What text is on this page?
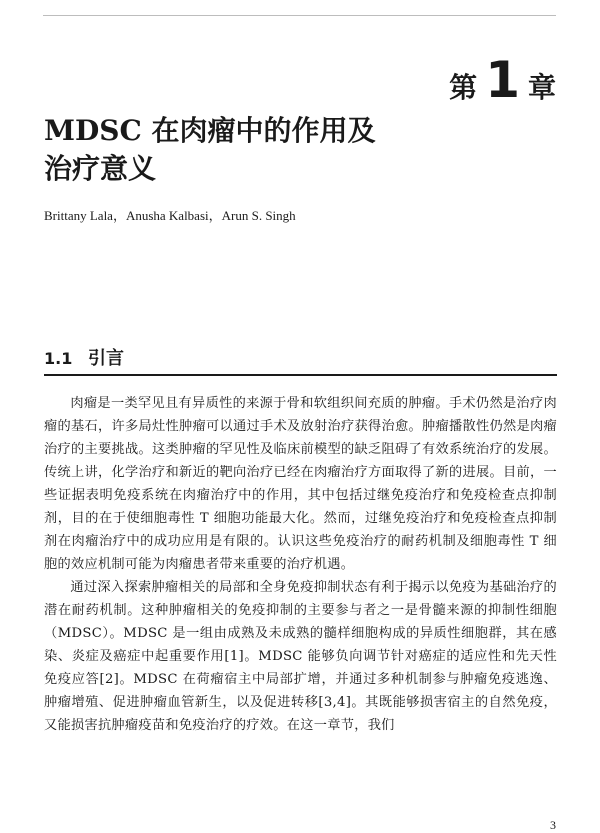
第 1 章
MDSC 在肉瘤中的作用及
治疗意义
Brittany Lala，Anusha Kalbasi，Arun S. Singh
1.1 引言

肉瘤是一类罕见且有异质性的来源于骨和软组织间充质的肿瘤。手术仍然是治疗肉瘤的基石，许多局灶性肿瘤可以通过手术及放射治疗获得治愈。肿瘤播散性仍然是肉瘤治疗的主要挑战。这类肿瘤的罕见性及临床前模型的缺乏阻碍了有效系统治疗的发展。传统上讲，化学治疗和新近的靶向治疗已经在肉瘤治疗方面取得了新的进展。目前，一些证据表明免疫系统在肉瘤治疗中的作用，其中包括过继免疫治疗和免疫检查点抑制剂，目的在于使细胞毒性 T 细胞功能最大化。然而，过继免疫治疗和免疫检查点抑制剂在肉瘤治疗中的成功应用是有限的。认识这些免疫治疗的耐药机制及细胞毒性 T 细胞的效应机制可能为肉瘤患者带来重要的治疗机遇。

通过深入探索肿瘤相关的局部和全身免疫抑制状态有利于揭示以免疫为基础治疗的潜在耐药机制。这种肿瘤相关的免疫抑制的主要参与者之一是骨髓来源的抑制性细胞（MDSC）。MDSC 是一组由成熟及未成熟的髓样细胞构成的异质性细胞群，其在感染、炎症及癌症中起重要作用[1]。MDSC 能够负向调节针对癌症的适应性和先天性免疫应答[2]。MDSC 在荷瘤宿主中局部扩增，并通过多种机制参与肿瘤免疫逃逸、肿瘤增殖、促进肿瘤血管新生，以及促进转移[3,4]。其既能够损害宿主的自然免疫，又能损害抗肿瘤疫苗和免疫治疗的疗效。在这一章节，我们

3
